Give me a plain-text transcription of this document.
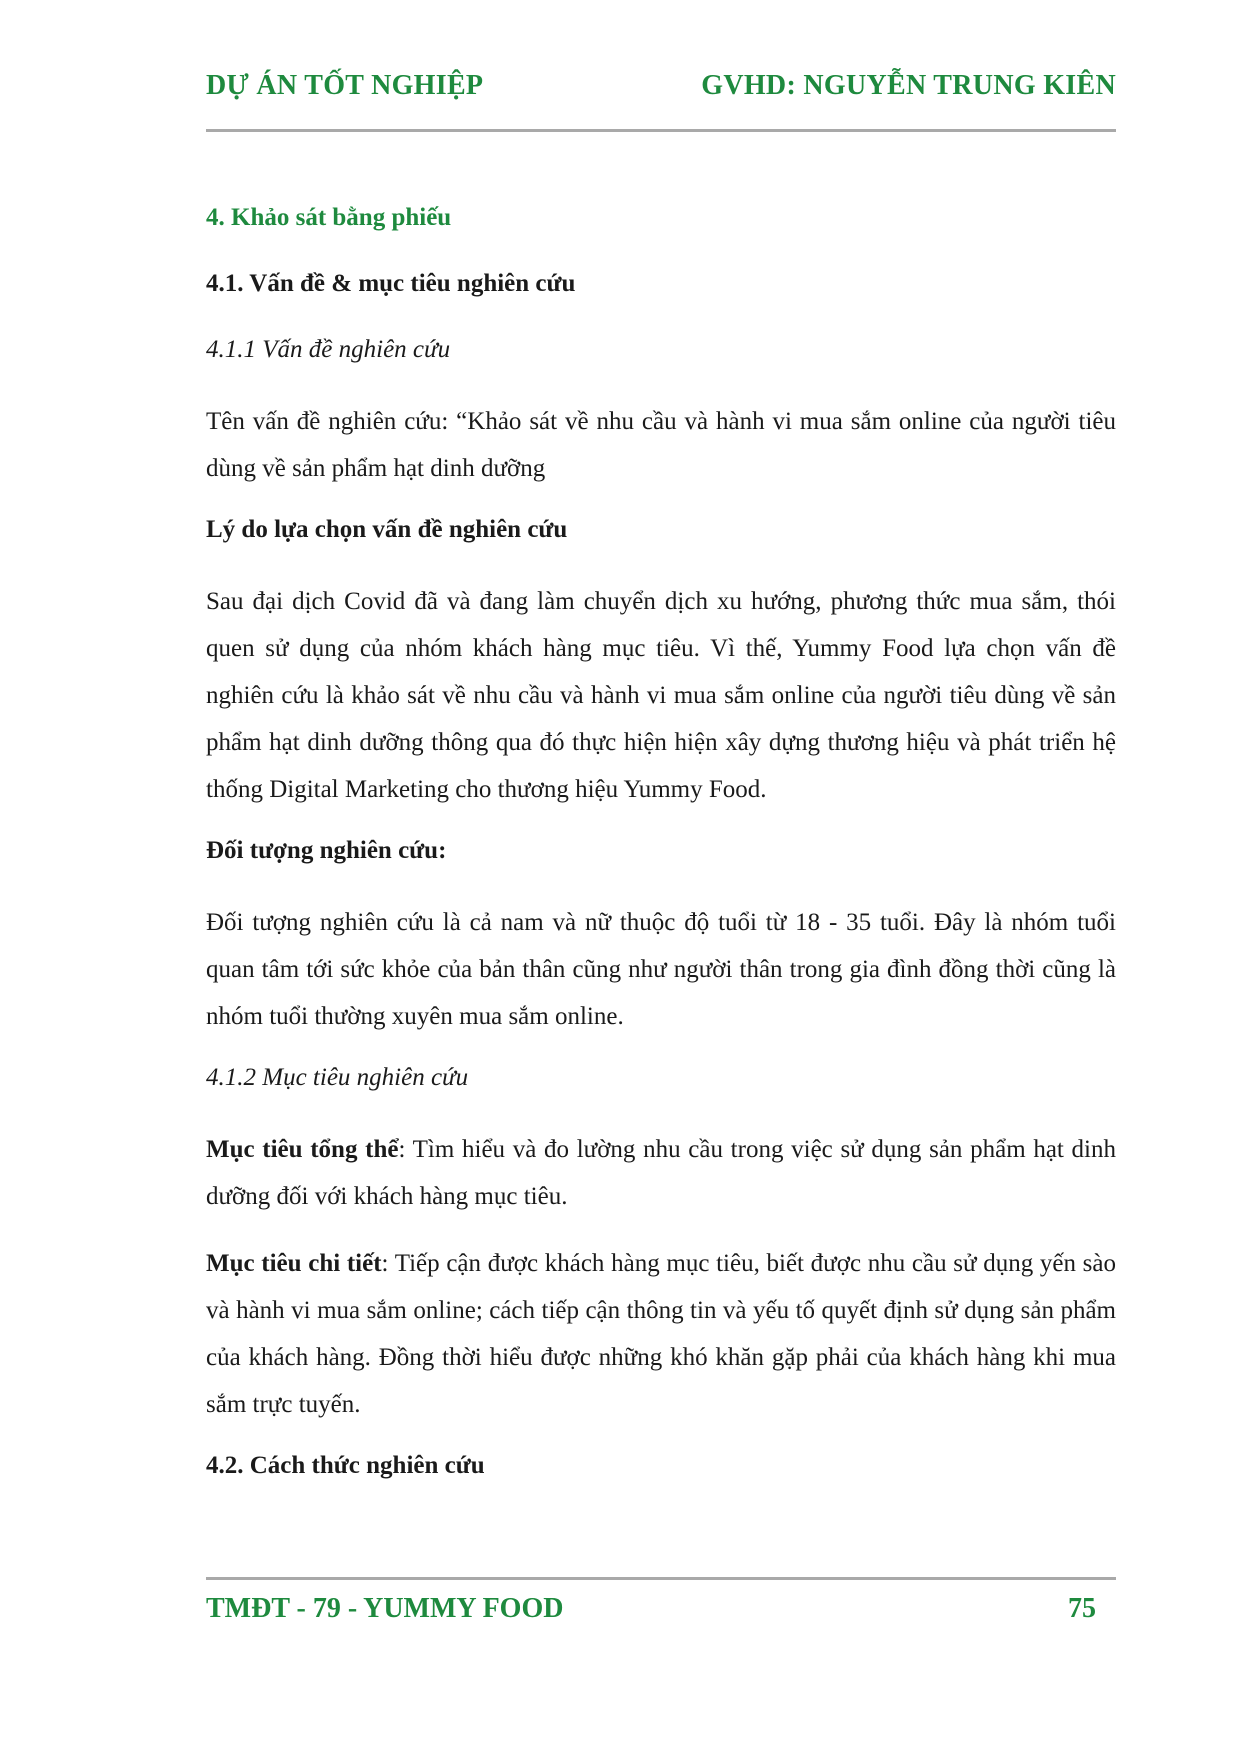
DỰ ÁN TỐT NGHIỆP	GVHD: NGUYỄN TRUNG KIÊN

4. Khảo sát bằng phiếu

4.1. Vấn đề & mục tiêu nghiên cứu

4.1.1 Vấn đề nghiên cứu

Tên vấn đề nghiên cứu: “Khảo sát về nhu cầu và hành vi mua sắm online của người tiêu dùng về sản phẩm hạt dinh dưỡng

Lý do lựa chọn vấn đề nghiên cứu

Sau đại dịch Covid đã và đang làm chuyển dịch xu hướng, phương thức mua sắm, thói quen sử dụng của nhóm khách hàng mục tiêu. Vì thế, Yummy Food lựa chọn vấn đề nghiên cứu là khảo sát về nhu cầu và hành vi mua sắm online của người tiêu dùng về sản phẩm hạt dinh dưỡng thông qua đó thực hiện hiện xây dựng thương hiệu và phát triển hệ thống Digital Marketing cho thương hiệu Yummy Food.

Đối tượng nghiên cứu:

Đối tượng nghiên cứu là cả nam và nữ thuộc độ tuổi từ 18 - 35 tuổi. Đây là nhóm tuổi quan tâm tới sức khỏe của bản thân cũng như người thân trong gia đình đồng thời cũng là nhóm tuổi thường xuyên mua sắm online.

4.1.2 Mục tiêu nghiên cứu

Mục tiêu tổng thể: Tìm hiểu và đo lường nhu cầu trong việc sử dụng sản phẩm hạt dinh dưỡng đối với khách hàng mục tiêu.

Mục tiêu chi tiết: Tiếp cận được khách hàng mục tiêu, biết được nhu cầu sử dụng yến sào và hành vi mua sắm online; cách tiếp cận thông tin và yếu tố quyết định sử dụng sản phẩm của khách hàng. Đồng thời hiểu được những khó khăn gặp phải của khách hàng khi mua sắm trực tuyến.

4.2. Cách thức nghiên cứu

TMĐT - 79 - YUMMY FOOD	75
